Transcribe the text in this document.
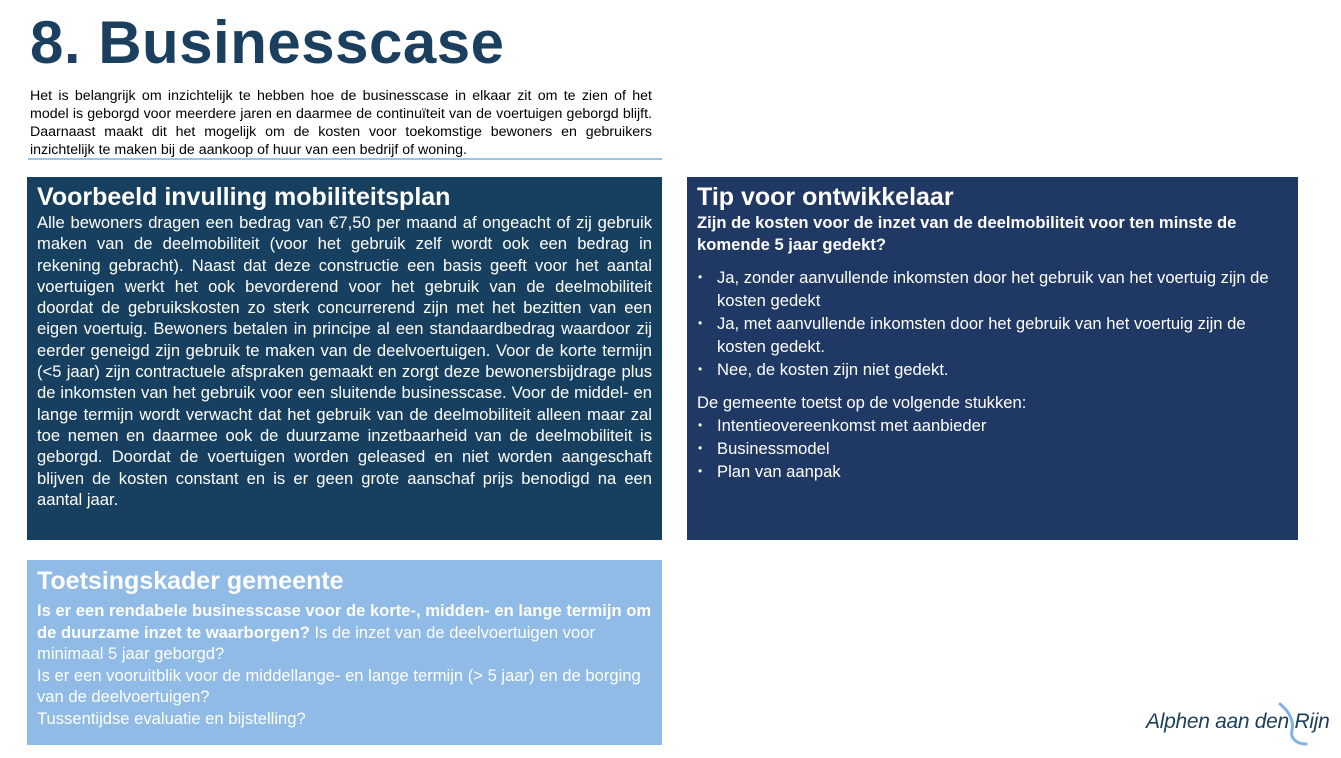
8. Businesscase

Het is belangrijk om inzichtelijk te hebben hoe de businesscase in elkaar zit om te zien of het model is geborgd voor meerdere jaren en daarmee de continuïteit van de voertuigen geborgd blijft. Daarnaast maakt dit het mogelijk om de kosten voor toekomstige bewoners en gebruikers inzichtelijk te maken bij de aankoop of huur van een bedrijf of woning.

Voorbeeld invulling mobiliteitsplan

Alle bewoners dragen een bedrag van €7,50 per maand af ongeacht of zij gebruik maken van de deelmobiliteit (voor het gebruik zelf wordt ook een bedrag in rekening gebracht). Naast dat deze constructie een basis geeft voor het aantal voertuigen werkt het ook bevorderend voor het gebruik van de deelmobiliteit doordat de gebruikskosten zo sterk concurrerend zijn met het bezitten van een eigen voertuig. Bewoners betalen in principe al een standaardbedrag waardoor zij eerder geneigd zijn gebruik te maken van de deelvoertuigen. Voor de korte termijn (<5 jaar) zijn contractuele afspraken gemaakt en zorgt deze bewonersbijdrage plus de inkomsten van het gebruik voor een sluitende businesscase. Voor de middel- en lange termijn wordt verwacht dat het gebruik van de deelmobiliteit alleen maar zal toe nemen en daarmee ook de duurzame inzetbaarheid van de deelmobiliteit is geborgd. Doordat de voertuigen worden geleased en niet worden aangeschaft blijven de kosten constant en is er geen grote aanschaf prijs benodigd na een aantal jaar.

Tip voor ontwikkelaar

Zijn de kosten voor de inzet van de deelmobiliteit voor ten minste de komende 5 jaar gedekt?

• Ja, zonder aanvullende inkomsten door het gebruik van het voertuig zijn de kosten gedekt
• Ja, met aanvullende inkomsten door het gebruik van het voertuig zijn de kosten gedekt.
• Nee, de kosten zijn niet gedekt.

De gemeente toetst op de volgende stukken:

• Intentieovereenkomst met aanbieder
• Businessmodel
• Plan van aanpak
Toetsingskader gemeente

Is er een rendabele businesscase voor de korte-, midden- en lange termijn om de duurzame inzet te waarborgen? Is de inzet van de deelvoertuigen voor minimaal 5 jaar geborgd?
Is er een vooruitblik voor de middellange- en lange termijn (> 5 jaar) en de borging van de deelvoertuigen?
Tussentijdse evaluatie en bijstelling?	Alphen aan den Rijn
